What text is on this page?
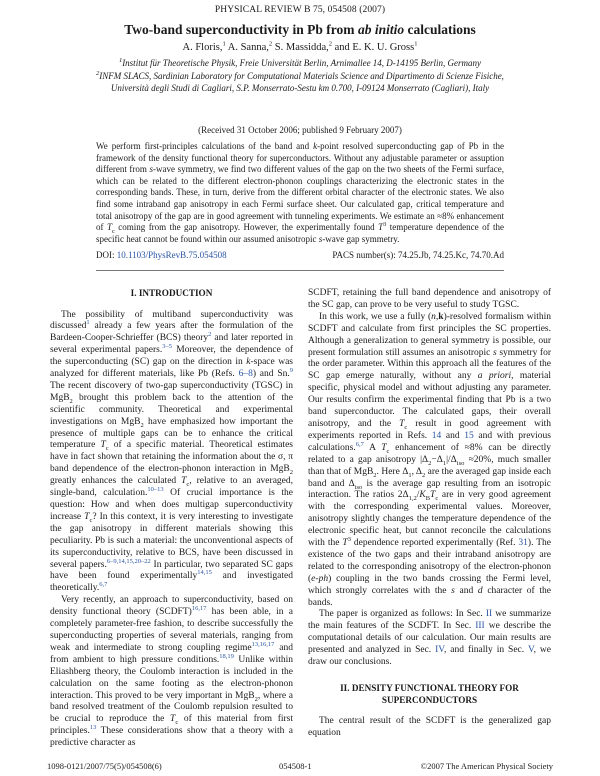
PHYSICAL REVIEW B 75, 054508 (2007)
Two-band superconductivity in Pb from ab initio calculations
A. Floris,$^1$ A. Sanna,$^2$ S. Massidda,$^2$ and E. K. U. Gross$^1$
$^1$Institut für Theoretische Physik, Freie Universität Berlin, Arnimallee 14, D-14195 Berlin, Germany
$^2$INFM SLACS, Sardinian Laboratory for Computational Materials Science and Dipartimento di Scienze Fisiche,
Università degli Studi di Cagliari, S.P. Monserrato-Sestu km 0.700, I-09124 Monserrato (Cagliari), Italy
(Received 31 October 2006; published 9 February 2007)
We perform first-principles calculations of the band and k-point resolved superconducting gap of Pb in the framework of the density functional theory for superconductors. Without any adjustable parameter or assuption different from s-wave symmetry, we find two different values of the gap on the two sheets of the Fermi surface, which can be related to the different electron-phonon couplings characterizing the electronic states in the corresponding bands. These, in turn, derive from the different orbital character of the electronic states. We also find some intraband gap anisotropy in each Fermi surface sheet. Our calculated gap, critical temperature and total anisotropy of the gap are in good agreement with tunneling experiments. We estimate an ≈8% enhancement of $T_c$ coming from the gap anisotropy. However, the experimentally found $T^3$ temperature dependence of the specific heat cannot be found within our assumed anisotropic s-wave gap symmetry.
DOI: 10.1103/PhysRevB.75.054508	PACS number(s): 74.25.Jb, 74.25.Kc, 74.70.Ad
I. INTRODUCTION

The possibility of multiband superconductivity was discussed$^1$ already a few years after the formulation of the Bardeen-Cooper-Schrieffer (BCS) theory$^2$ and later reported in several experimental papers.$^{3-5}$ Moreover, the dependence of the superconducting (SC) gap on the direction in k-space was analyzed for different materials, like Pb (Refs. 6–8) and Sn.$^9$ The recent discovery of two-gap superconductivity (TGSC) in MgB$_2$ brought this problem back to the attention of the scientific community. Theoretical and experimental investigations on MgB$_2$ have emphasized how important the presence of multiple gaps can be to enhance the critical temperature $T_c$ of a specific material. Theoretical estimates have in fact shown that retaining the information about the σ, π band dependence of the electron-phonon interaction in MgB$_2$ greatly enhances the calculated $T_c$, relative to an averaged, single-band, calculation.$^{10-13}$ Of crucial importance is the question: How and when does multigap superconductivity increase $T_c$? In this context, it is very interesting to investigate the gap anisotropy in different materials showing this peculiarity. Pb is such a material: the unconventional aspects of its superconductivity, relative to BCS, have been discussed in several papers.$^{6-9,14,15,20-22}$ In particular, two separated SC gaps have been found experimentally$^{14,15}$ and investigated theoretically.$^{6,7}$

Very recently, an approach to superconductivity, based on density functional theory (SCDFT)$^{16,17}$ has been able, in a completely parameter-free fashion, to describe successfully the superconducting properties of several materials, ranging from weak and intermediate to strong coupling regime$^{13,16,17}$ and from ambient to high pressure conditions.$^{18,19}$ Unlike within Eliashberg theory, the Coulomb interaction is included in the calculation on the same footing as the electron-phonon interaction. This proved to be very important in MgB$_2$, where a band resolved treatment of the Coulomb repulsion resulted to be crucial to reproduce the $T_c$ of this material from first principles.$^{13}$ These considerations show that a theory with a predictive character as

SCDFT, retaining the full band dependence and anisotropy of the SC gap, can prove to be very useful to study TGSC.

In this work, we use a fully (n,k)-resolved formalism within SCDFT and calculate from first principles the SC properties. Although a generalization to general symmetry is possible, our present formulation still assumes an anisotropic s symmetry for the order parameter. Within this approach all the features of the SC gap emerge naturally, without any a priori, material specific, physical model and without adjusting any parameter. Our results confirm the experimental finding that Pb is a two band superconductor. The calculated gaps, their overall anisotropy, and the $T_c$ result in good agreement with experiments reported in Refs. 14 and 15 and with previous calculations.$^{6,7}$ A $T_c$ enhancement of ≈8% can be directly related to a gap anisotropy $|\Delta_2-\Delta_1|/\Delta_{iso} \approx 20\%$, much smaller than that of MgB$_2$. Here $\Delta_1$, $\Delta_2$ are the averaged gap inside each band and $\Delta_{iso}$ is the average gap resulting from an isotropic interaction. The ratios $2\Delta_{1,2}/K_BT_c$ are in very good agreement with the corresponding experimental values. Moreover, anisotropy slightly changes the temperature dependence of the electronic specific heat, but cannot reconcile the calculations with the $T^3$ dependence reported experimentally (Ref. 31). The existence of the two gaps and their intraband anisotropy are related to the corresponding anisotropy of the electron-phonon (e-ph) coupling in the two bands crossing the Fermi level, which strongly correlates with the s and d character of the bands.

The paper is organized as follows: In Sec. II we summarize the main features of the SCDFT. In Sec. III we describe the computational details of our calculation. Our main results are presented and analyzed in Sec. IV, and finally in Sec. V, we draw our conclusions.

II. DENSITY FUNCTIONAL THEORY FOR SUPERCONDUCTORS

The central result of the SCDFT is the generalized gap equation

1098-0121/2007/75(5)/054508(6)	054508-1	©2007 The American Physical Society
